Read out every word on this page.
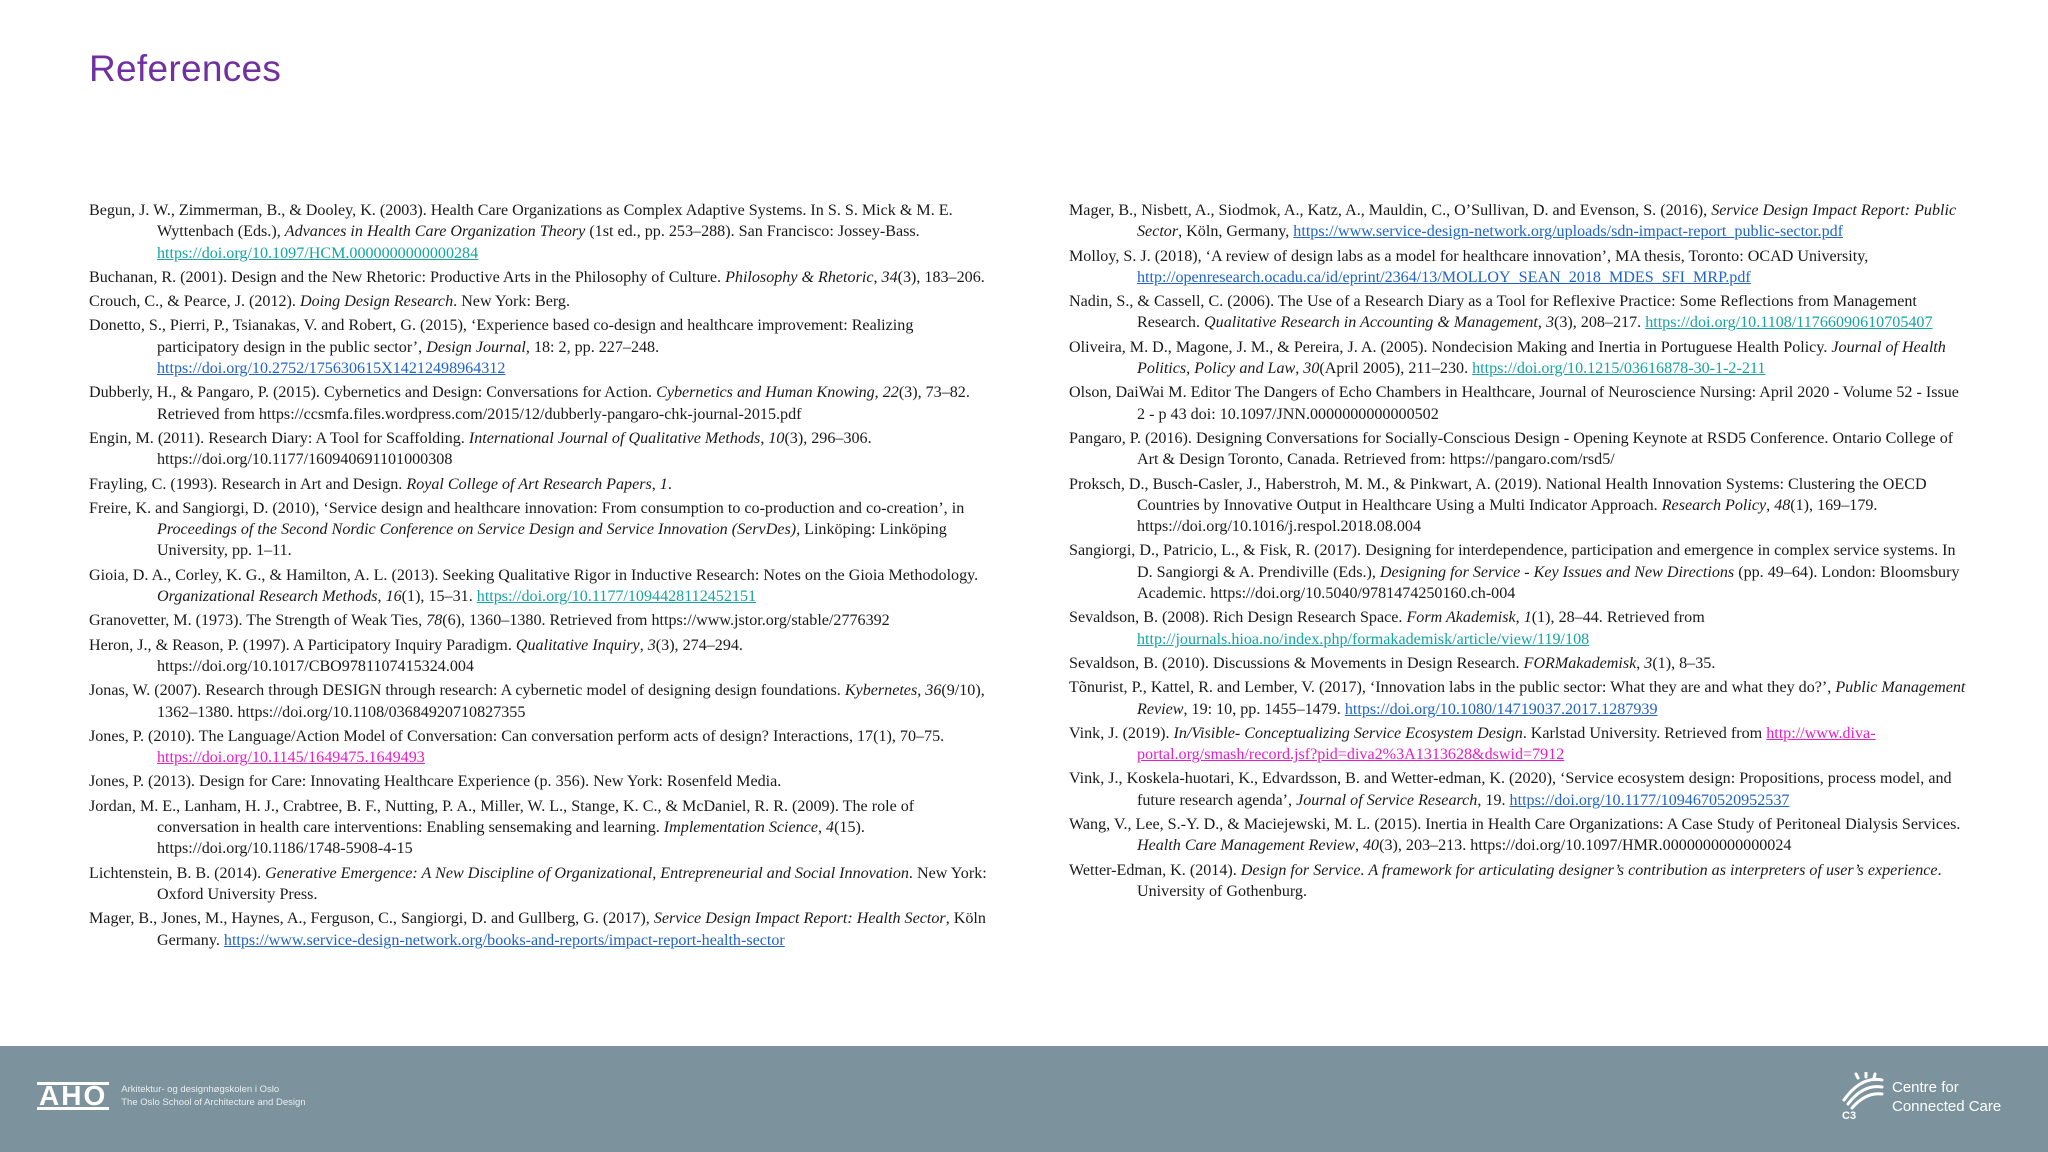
References

Begun, J. W., Zimmerman, B., & Dooley, K. (2003). Health Care Organizations as Complex Adaptive Systems. In S. S. Mick & M. E. Wyttenbach (Eds.), Advances in Health Care Organization Theory (1st ed., pp. 253–288). San Francisco: Jossey-Bass. https://doi.org/10.1097/HCM.0000000000000284

Buchanan, R. (2001). Design and the New Rhetoric: Productive Arts in the Philosophy of Culture. Philosophy & Rhetoric, 34(3), 183–206.

Crouch, C., & Pearce, J. (2012). Doing Design Research. New York: Berg.

Donetto, S., Pierri, P., Tsianakas, V. and Robert, G. (2015), ‘Experience based co-design and healthcare improvement: Realizing participatory design in the public sector’, Design Journal, 18: 2, pp. 227–248. https://doi.org/10.2752/175630615X14212498964312

Dubberly, H., & Pangaro, P. (2015). Cybernetics and Design: Conversations for Action. Cybernetics and Human Knowing, 22(3), 73–82. Retrieved from https://ccsmfa.files.wordpress.com/2015/12/dubberly-pangaro-chk-journal-2015.pdf

Engin, M. (2011). Research Diary: A Tool for Scaffolding. International Journal of Qualitative Methods, 10(3), 296–306. https://doi.org/10.1177/160940691101000308

Frayling, C. (1993). Research in Art and Design. Royal College of Art Research Papers, 1.

Freire, K. and Sangiorgi, D. (2010), ‘Service design and healthcare innovation: From consumption to co-production and co-creation’, in Proceedings of the Second Nordic Conference on Service Design and Service Innovation (ServDes), Linköping: Linköping University, pp. 1–11.

Gioia, D. A., Corley, K. G., & Hamilton, A. L. (2013). Seeking Qualitative Rigor in Inductive Research: Notes on the Gioia Methodology. Organizational Research Methods, 16(1), 15–31. https://doi.org/10.1177/1094428112452151

Granovetter, M. (1973). The Strength of Weak Ties, 78(6), 1360–1380. Retrieved from https://www.jstor.org/stable/2776392

Heron, J., & Reason, P. (1997). A Participatory Inquiry Paradigm. Qualitative Inquiry, 3(3), 274–294. https://doi.org/10.1017/CBO9781107415324.004

Jonas, W. (2007). Research through DESIGN through research: A cybernetic model of designing design foundations. Kybernetes, 36(9/10), 1362–1380. https://doi.org/10.1108/03684920710827355

Jones, P. (2010). The Language/Action Model of Conversation: Can conversation perform acts of design? Interactions, 17(1), 70–75. https://doi.org/10.1145/1649475.1649493

Jones, P. (2013). Design for Care: Innovating Healthcare Experience (p. 356). New York: Rosenfeld Media.

Jordan, M. E., Lanham, H. J., Crabtree, B. F., Nutting, P. A., Miller, W. L., Stange, K. C., & McDaniel, R. R. (2009). The role of conversation in health care interventions: Enabling sensemaking and learning. Implementation Science, 4(15). https://doi.org/10.1186/1748-5908-4-15

Lichtenstein, B. B. (2014). Generative Emergence: A New Discipline of Organizational, Entrepreneurial and Social Innovation. New York: Oxford University Press.

Mager, B., Jones, M., Haynes, A., Ferguson, C., Sangiorgi, D. and Gullberg, G. (2017), Service Design Impact Report: Health Sector, Köln Germany. https://www.service-design-network.org/books-and-reports/impact-report-health-sector

Mager, B., Nisbett, A., Siodmok, A., Katz, A., Mauldin, C., O’Sullivan, D. and Evenson, S. (2016), Service Design Impact Report: Public Sector, Köln, Germany, https://www.service-design-network.org/uploads/sdn-impact-report_public-sector.pdf

Molloy, S. J. (2018), ‘A review of design labs as a model for healthcare innovation’, MA thesis, Toronto: OCAD University, http://openresearch.ocadu.ca/id/eprint/2364/13/MOLLOY_SEAN_2018_MDES_SFI_MRP.pdf

Nadin, S., & Cassell, C. (2006). The Use of a Research Diary as a Tool for Reflexive Practice: Some Reflections from Management Research. Qualitative Research in Accounting & Management, 3(3), 208–217. https://doi.org/10.1108/11766090610705407

Oliveira, M. D., Magone, J. M., & Pereira, J. A. (2005). Nondecision Making and Inertia in Portuguese Health Policy. Journal of Health Politics, Policy and Law, 30(April 2005), 211–230. https://doi.org/10.1215/03616878-30-1-2-211

Olson, DaiWai M. Editor The Dangers of Echo Chambers in Healthcare, Journal of Neuroscience Nursing: April 2020 - Volume 52 - Issue 2 - p 43 doi: 10.1097/JNN.0000000000000502

Pangaro, P. (2016). Designing Conversations for Socially-Conscious Design - Opening Keynote at RSD5 Conference. Ontario College of Art & Design Toronto, Canada. Retrieved from: https://pangaro.com/rsd5/

Proksch, D., Busch-Casler, J., Haberstroh, M. M., & Pinkwart, A. (2019). National Health Innovation Systems: Clustering the OECD Countries by Innovative Output in Healthcare Using a Multi Indicator Approach. Research Policy, 48(1), 169–179. https://doi.org/10.1016/j.respol.2018.08.004

Sangiorgi, D., Patricio, L., & Fisk, R. (2017). Designing for interdependence, participation and emergence in complex service systems. In D. Sangiorgi & A. Prendiville (Eds.), Designing for Service - Key Issues and New Directions (pp. 49–64). London: Bloomsbury Academic. https://doi.org/10.5040/9781474250160.ch-004

Sevaldson, B. (2008). Rich Design Research Space. Form Akademisk, 1(1), 28–44. Retrieved from http://journals.hioa.no/index.php/formakademisk/article/view/119/108

Sevaldson, B. (2010). Discussions & Movements in Design Research. FORMakademisk, 3(1), 8–35.

Tõnurist, P., Kattel, R. and Lember, V. (2017), ‘Innovation labs in the public sector: What they are and what they do?’, Public Management Review, 19: 10, pp. 1455–1479. https://doi.org/10.1080/14719037.2017.1287939

Vink, J. (2019). In/Visible- Conceptualizing Service Ecosystem Design. Karlstad University. Retrieved from http://www.diva-portal.org/smash/record.jsf?pid=diva2%3A1313628&dswid=7912

Vink, J., Koskela-huotari, K., Edvardsson, B. and Wetter-edman, K. (2020), ‘Service ecosystem design: Propositions, process model, and future research agenda’, Journal of Service Research, 19. https://doi.org/10.1177/1094670520952537

Wang, V., Lee, S.-Y. D., & Maciejewski, M. L. (2015). Inertia in Health Care Organizations: A Case Study of Peritoneal Dialysis Services. Health Care Management Review, 40(3), 203–213. https://doi.org/10.1097/HMR.0000000000000024

Wetter-Edman, K. (2014). Design for Service. A framework for articulating designer’s contribution as interpreters of user’s experience. University of Gothenburg.

AHO Arkitektur- og designhøgskolen i Oslo
The Oslo School of Architecture and Design
C3
Centre for
Connected Care
